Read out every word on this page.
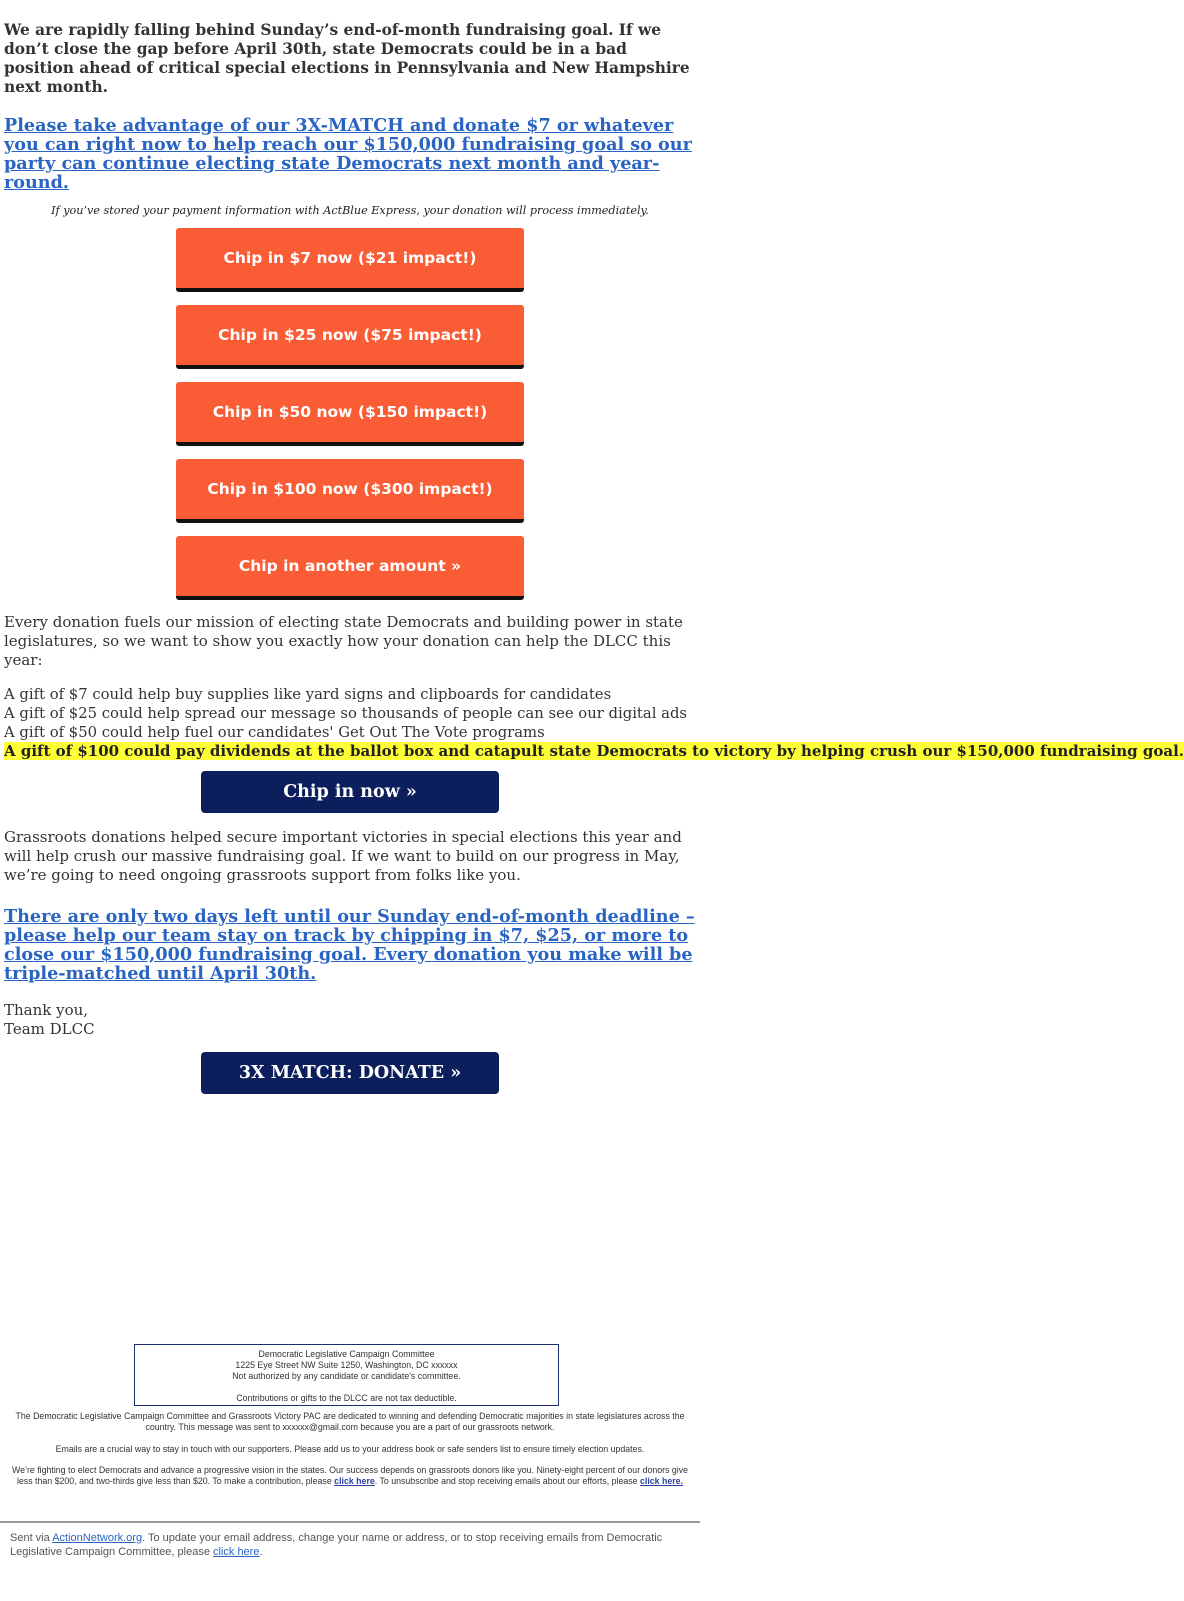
We are rapidly falling behind Sunday’s end-of-month fundraising goal. If we don’t close the gap before April 30th, state Democrats could be in a bad position ahead of critical special elections in Pennsylvania and New Hampshire next month.

Please take advantage of our 3X-MATCH and donate $7 or whatever you can right now to help reach our $150,000 fundraising goal so our party can continue electing state Democrats next month and year-round.

If you’ve stored your payment information with ActBlue Express, your donation will process immediately.

Chip in $7 now ($21 impact!)
Chip in $25 now ($75 impact!)
Chip in $50 now ($150 impact!)
Chip in $100 now ($300 impact!)
Chip in another amount »

Every donation fuels our mission of electing state Democrats and building power in state legislatures, so we want to show you exactly how your donation can help the DLCC this year:

A gift of $7 could help buy supplies like yard signs and clipboards for candidates
A gift of $25 could help spread our message so thousands of people can see our digital ads
A gift of $50 could help fuel our candidates' Get Out The Vote programs
A gift of $100 could pay dividends at the ballot box and catapult state Democrats to victory by helping crush our $150,000 fundraising goal.
Chip in now »

Grassroots donations helped secure important victories in special elections this year and will help crush our massive fundraising goal. If we want to build on our progress in May, we’re going to need ongoing grassroots support from folks like you.

There are only two days left until our Sunday end-of-month deadline – please help our team stay on track by chipping in $7, $25, or more to close our $150,000 fundraising goal. Every donation you make will be triple-matched until April 30th.
Thank you,
Team DLCC
3X MATCH: DONATE »
Democratic Legislative Campaign Committee
1225 Eye Street NW Suite 1250, Washington, DC xxxxxx
Not authorized by any candidate or candidate's committee.
Contributions or gifts to the DLCC are not tax deductible.
The Democratic Legislative Campaign Committee and Grassroots Victory PAC are dedicated to winning and defending Democratic majorities in state legislatures across the country. This message was sent to xxxxxx@gmail.com because you are a part of our grassroots network.
Emails are a crucial way to stay in touch with our supporters. Please add us to your address book or safe senders list to ensure timely election updates.
We’re fighting to elect Democrats and advance a progressive vision in the states. Our success depends on grassroots donors like you. Ninety-eight percent of our donors give less than $200, and two-thirds give less than $20. To make a contribution, please click here. To unsubscribe and stop receiving emails about our efforts, please click here.
Sent via ActionNetwork.org. To update your email address, change your name or address, or to stop receiving emails from Democratic Legislative Campaign Committee, please click here.
